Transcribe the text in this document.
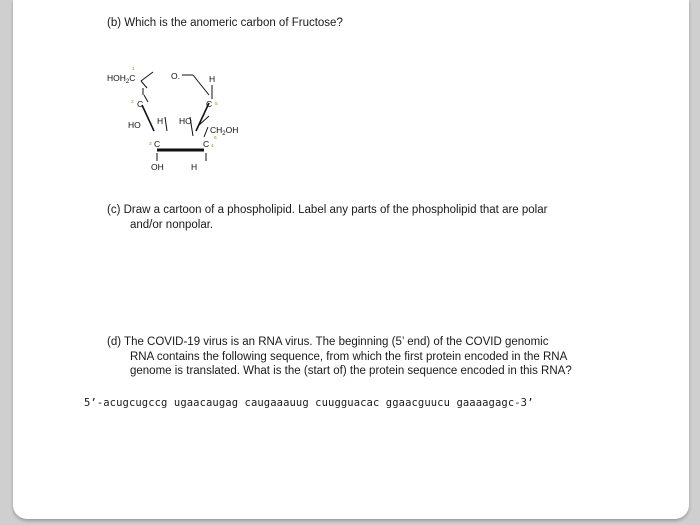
(b) Which is the anomeric carbon of Fructose?

$HOH_2C$	O.	H
C	C
HO H HO
$CH_2OH$
C	C
OH	H
1
2
3	4
5
6

(c) Draw a cartoon of a phospholipid. Label any parts of the phospholipid that are polar
and/or nonpolar.

(d) The COVID-19 virus is an RNA virus. The beginning (5’ end) of the COVID genomic
RNA contains the following sequence, from which the first protein encoded in the RNA
genome is translated. What is the (start of) the protein sequence encoded in this RNA?

5’-acugcugccg ugaacaugag caugaaauug cuugguacac ggaacguucu gaaaagagc-3’
